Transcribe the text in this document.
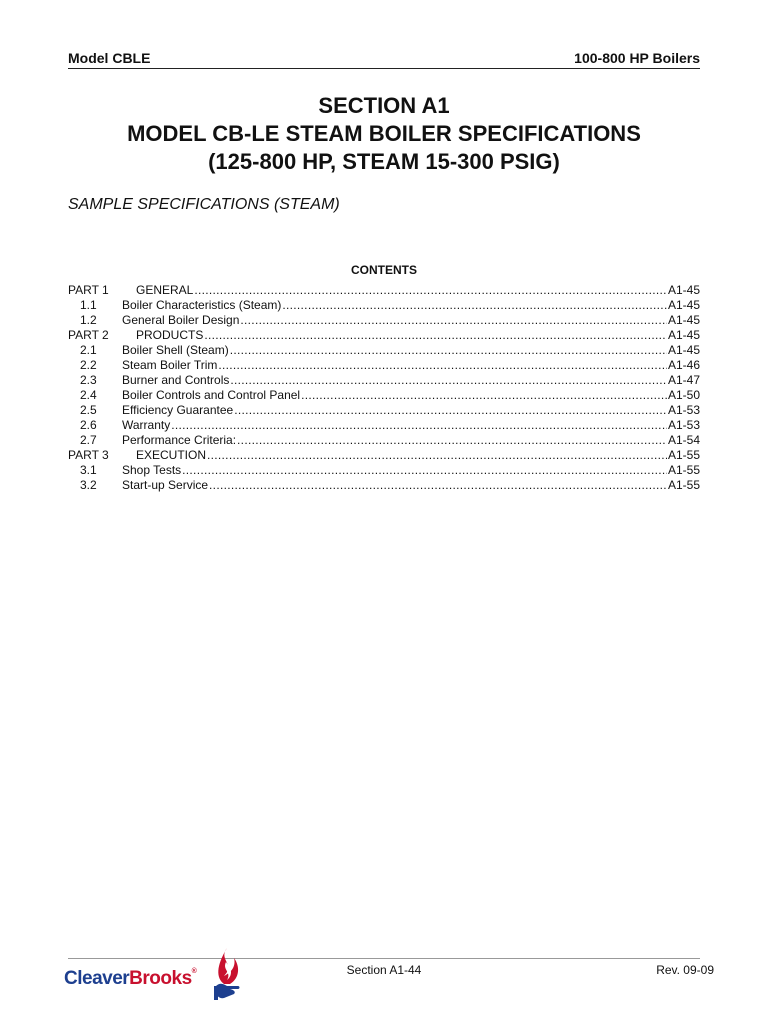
Model CBLE	100-800 HP Boilers
SECTION A1
MODEL CB-LE STEAM BOILER SPECIFICATIONS
(125-800 HP, STEAM 15-300 PSIG)
SAMPLE SPECIFICATIONS (STEAM)
CONTENTS
PART 1	GENERAL .....	A1-45
1.1	Boiler Characteristics (Steam) .....	A1-45
1.2	General Boiler Design .....	A1-45
PART 2	PRODUCTS .....	A1-45
2.1	Boiler Shell (Steam) .....	A1-45
2.2	Steam Boiler Trim .....	A1-46
2.3	Burner and Controls .....	A1-47
2.4	Boiler Controls and Control Panel .....	A1-50
2.5	Efficiency Guarantee .....	A1-53
2.6	Warranty .....	A1-53
2.7	Performance Criteria: .....	A1-54
PART 3	EXECUTION .....	A1-55
3.1	Shop Tests .....	A1-55
3.2	Start-up Service .....	A1-55
CleaverBrooks®	Section A1-44	Rev. 09-09
